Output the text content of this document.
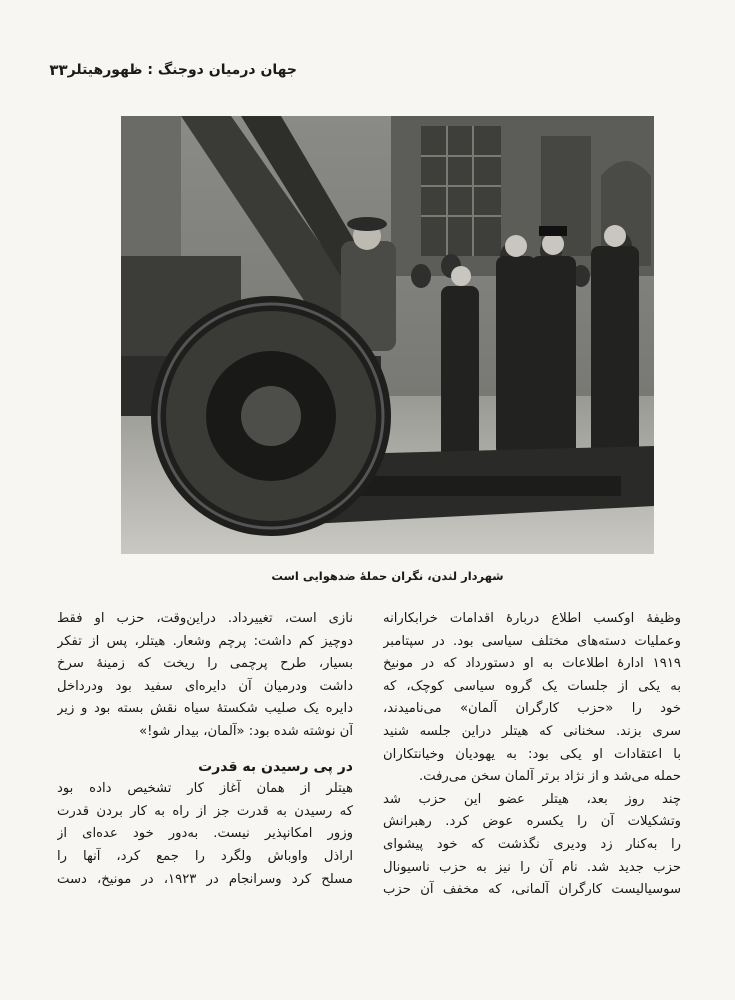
جهان درمیان دوجنگ : ظهورهیتلر
۳۳
شهردار لندن، نگران حملهٔ ضدهوایی است
وظیفهٔ اوکسب اطلاع دربارهٔ اقدامات خرابکارانه
وعملیات دسته‌های مختلف سیاسی بود. در سپتامبر
۱۹۱۹ ادارهٔ اطلاعات به او دستورداد که در مونیخ
به یکی از جلسات یک گروه سیاسی کوچک، که
خود را «حزب کارگران آلمان» می‌نامیدند،
سری بزند. سخنانی که هیتلر دراین جلسه شنید
با اعتقادات او یکی بود: به یهودیان وخیانتکاران
حمله می‌شد و از نژاد برتر آلمان سخن می‌رفت.
چند روز بعد، هیتلر عضو این حزب شد
وتشکیلات آن را یکسره عوض کرد. رهبرانش
را به‌کنار زد ودیری نگذشت که خود پیشوای
حزب جدید شد. نام آن را نیز به حزب ناسیونال
سوسیالیست کارگران آلمانی، که مخفف آن حزب
نازی است، تغییرداد. دراین‌وقت، حزب او فقط
دوچیز کم داشت: پرچم وشعار. هیتلر، پس از تفکر
بسیار، طرح پرچمی را ریخت که زمینهٔ سرخ
داشت ودرمیان آن دایره‌ای سفید بود ودرداخل
دایره یک صلیب شکستهٔ سیاه نقش بسته بود و زیر
آن نوشته شده بود: «آلمان، بیدار شو!»
در پی رسیدن به قدرت
هیتلر از همان آغاز کار تشخیص داده بود
که رسیدن به قدرت جز از راه به کار بردن قدرت
وزور امکانپذیر نیست. به‌دور خود عده‌ای از
اراذل واوباش ولگرد را جمع کرد، آنها را
مسلح کرد وسرانجام در ۱۹۲۳، در مونیخ، دست
